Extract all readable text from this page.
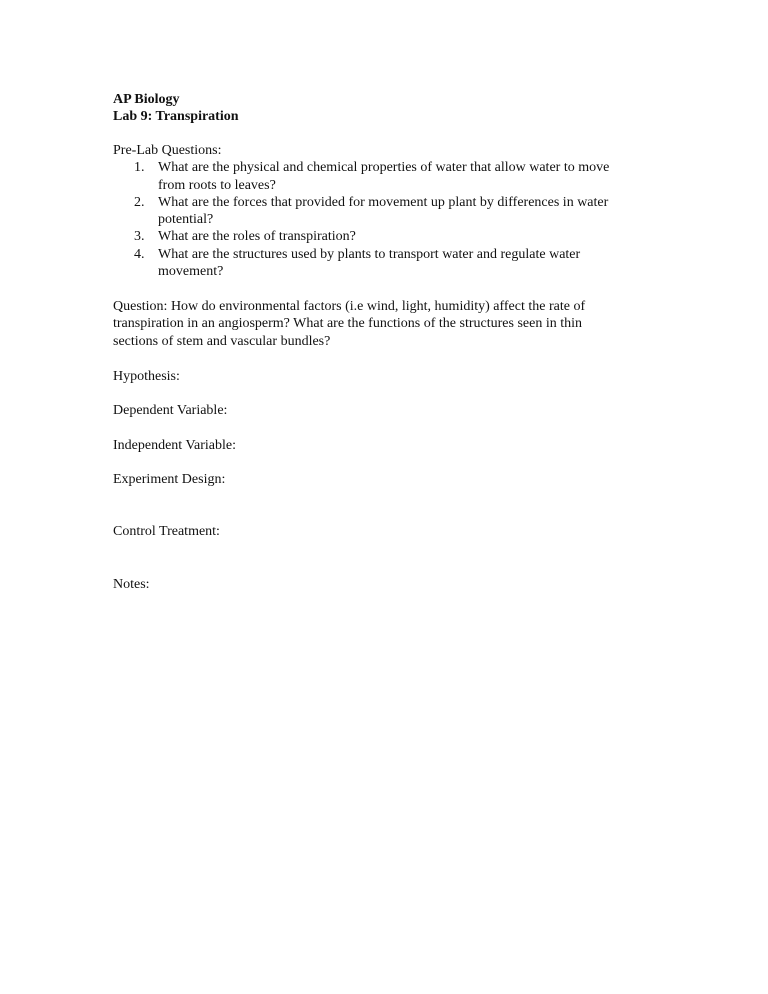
AP Biology
Lab 9: Transpiration
Pre-Lab Questions:
1. What are the physical and chemical properties of water that allow water to move from roots to leaves?
2. What are the forces that provided for movement up plant by differences in water potential?
3. What are the roles of transpiration?
4. What are the structures used by plants to transport water and regulate water movement?
Question: How do environmental factors (i.e wind, light, humidity) affect the rate of transpiration in an angiosperm? What are the functions of the structures seen in thin sections of stem and vascular bundles?
Hypothesis:
Dependent Variable:
Independent Variable:
Experiment Design:
Control Treatment:
Notes:
